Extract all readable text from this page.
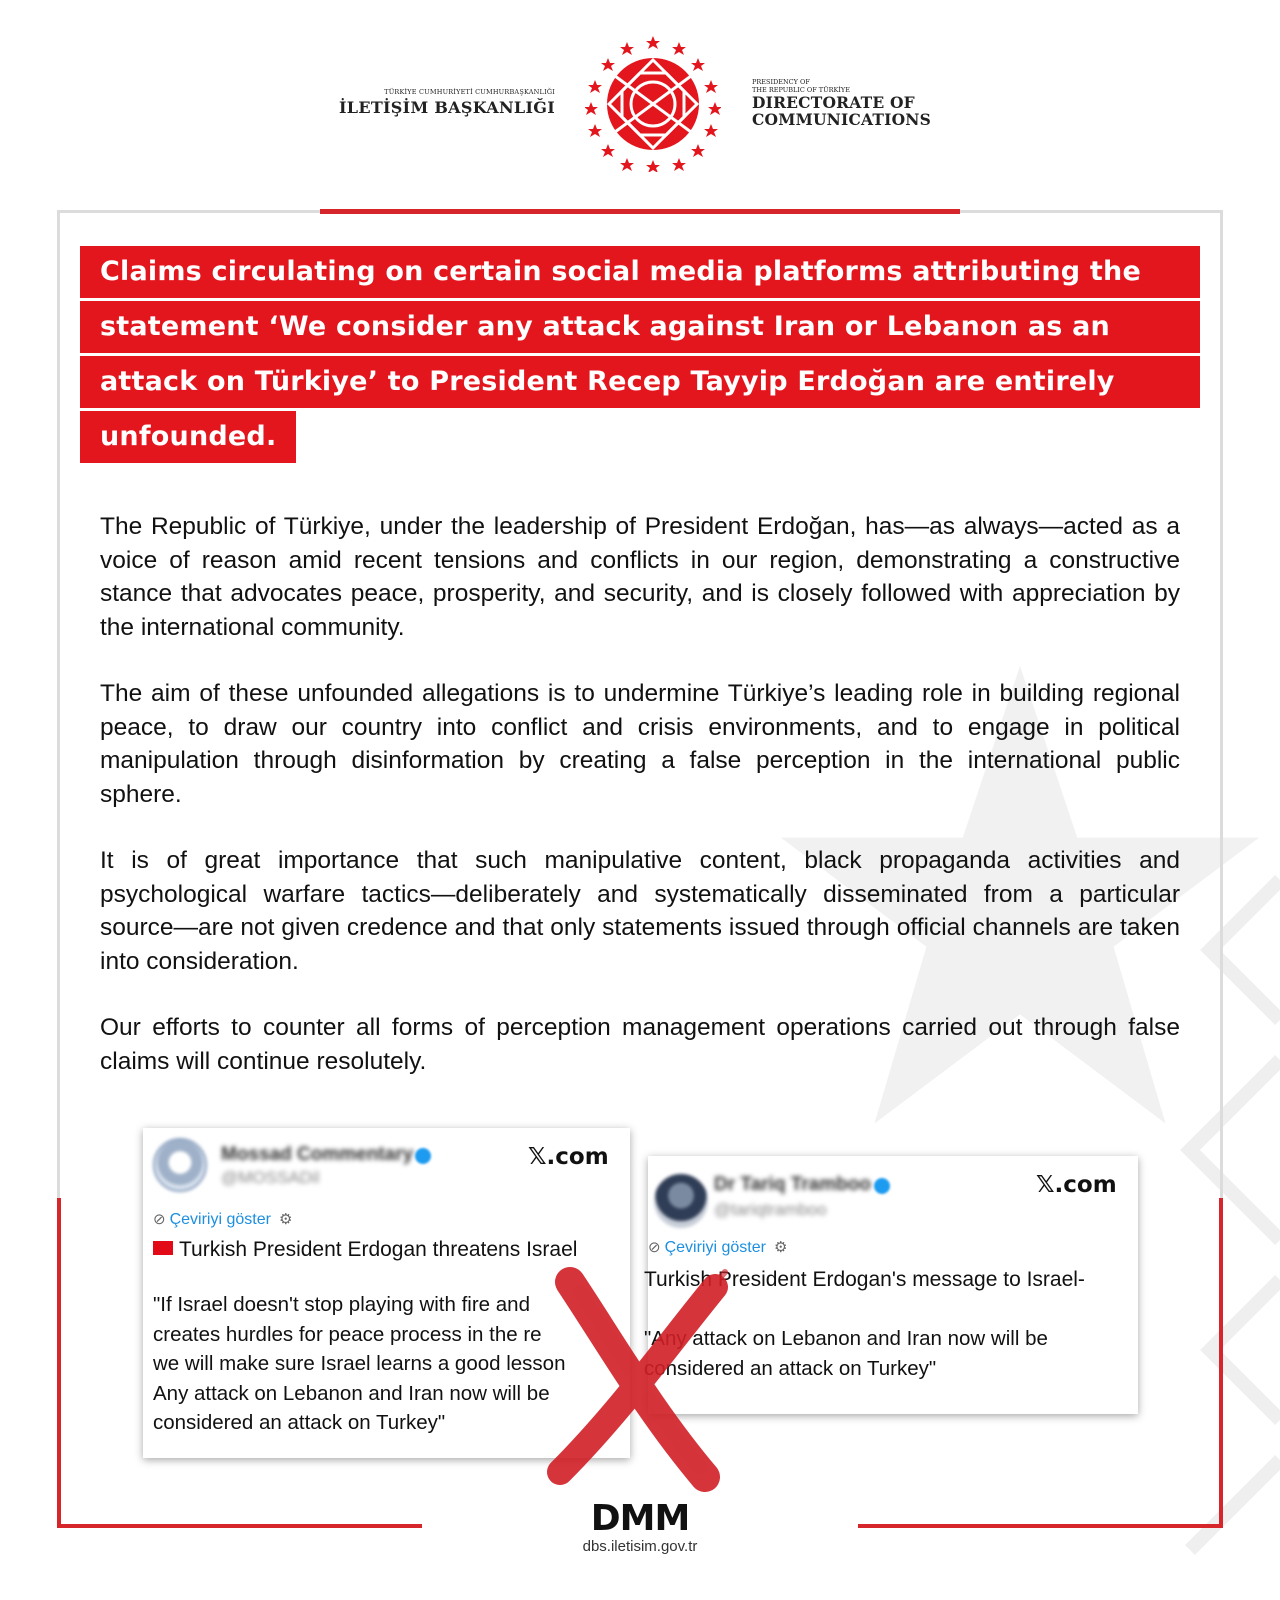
TÜRKİYE CUMHURİYETİ CUMHURBAŞKANLIĞI
İLETİŞİM BAŞKANLIĞI
PRESIDENCY OF
THE REPUBLIC OF TÜRKİYE
DIRECTORATE OF
COMMUNICATIONS
Claims circulating on certain social media platforms attributing the
statement ‘We consider any attack against Iran or Lebanon as an
attack on Türkiye’ to President Recep Tayyip Erdoğan are entirely
unfounded.

The Republic of Türkiye, under the leadership of President Erdoğan, has—as always—acted as a voice of reason amid recent tensions and conflicts in our region, demonstrating a constructive stance that advocates peace, prosperity, and security, and is closely followed with appreciation by the international community.

The aim of these unfounded allegations is to undermine Türkiye’s leading role in building regional peace, to draw our country into conflict and crisis environments, and to engage in political manipulation through disinformation by creating a false perception in the international public sphere.

It is of great importance that such manipulative content, black propaganda activities and psychological warfare tactics—deliberately and systematically disseminated from a particular source—are not given credence and that only statements issued through official channels are taken into consideration.

Our efforts to counter all forms of perception management operations carried out through false claims will continue resolutely.

Mossad Commentary
@MOSSADil
𝕏.com
⊘ Çeviriyi göster ⚙
Turkish President Erdogan threatens Israel
"If Israel doesn't stop playing with fire and
creates hurdles for peace process in the re
we will make sure Israel learns a good lesson
Any attack on Lebanon and Iran now will be
considered an attack on Turkey"
Dr Tariq Tramboo
@tariqtramboo
𝕏.com
⊘ Çeviriyi göster ⚙
Turkish President Erdogan's message to Israel-
"Any attack on Lebanon and Iran now will be
considered an attack on Turkey"
DMM
dbs.iletisim.gov.tr
